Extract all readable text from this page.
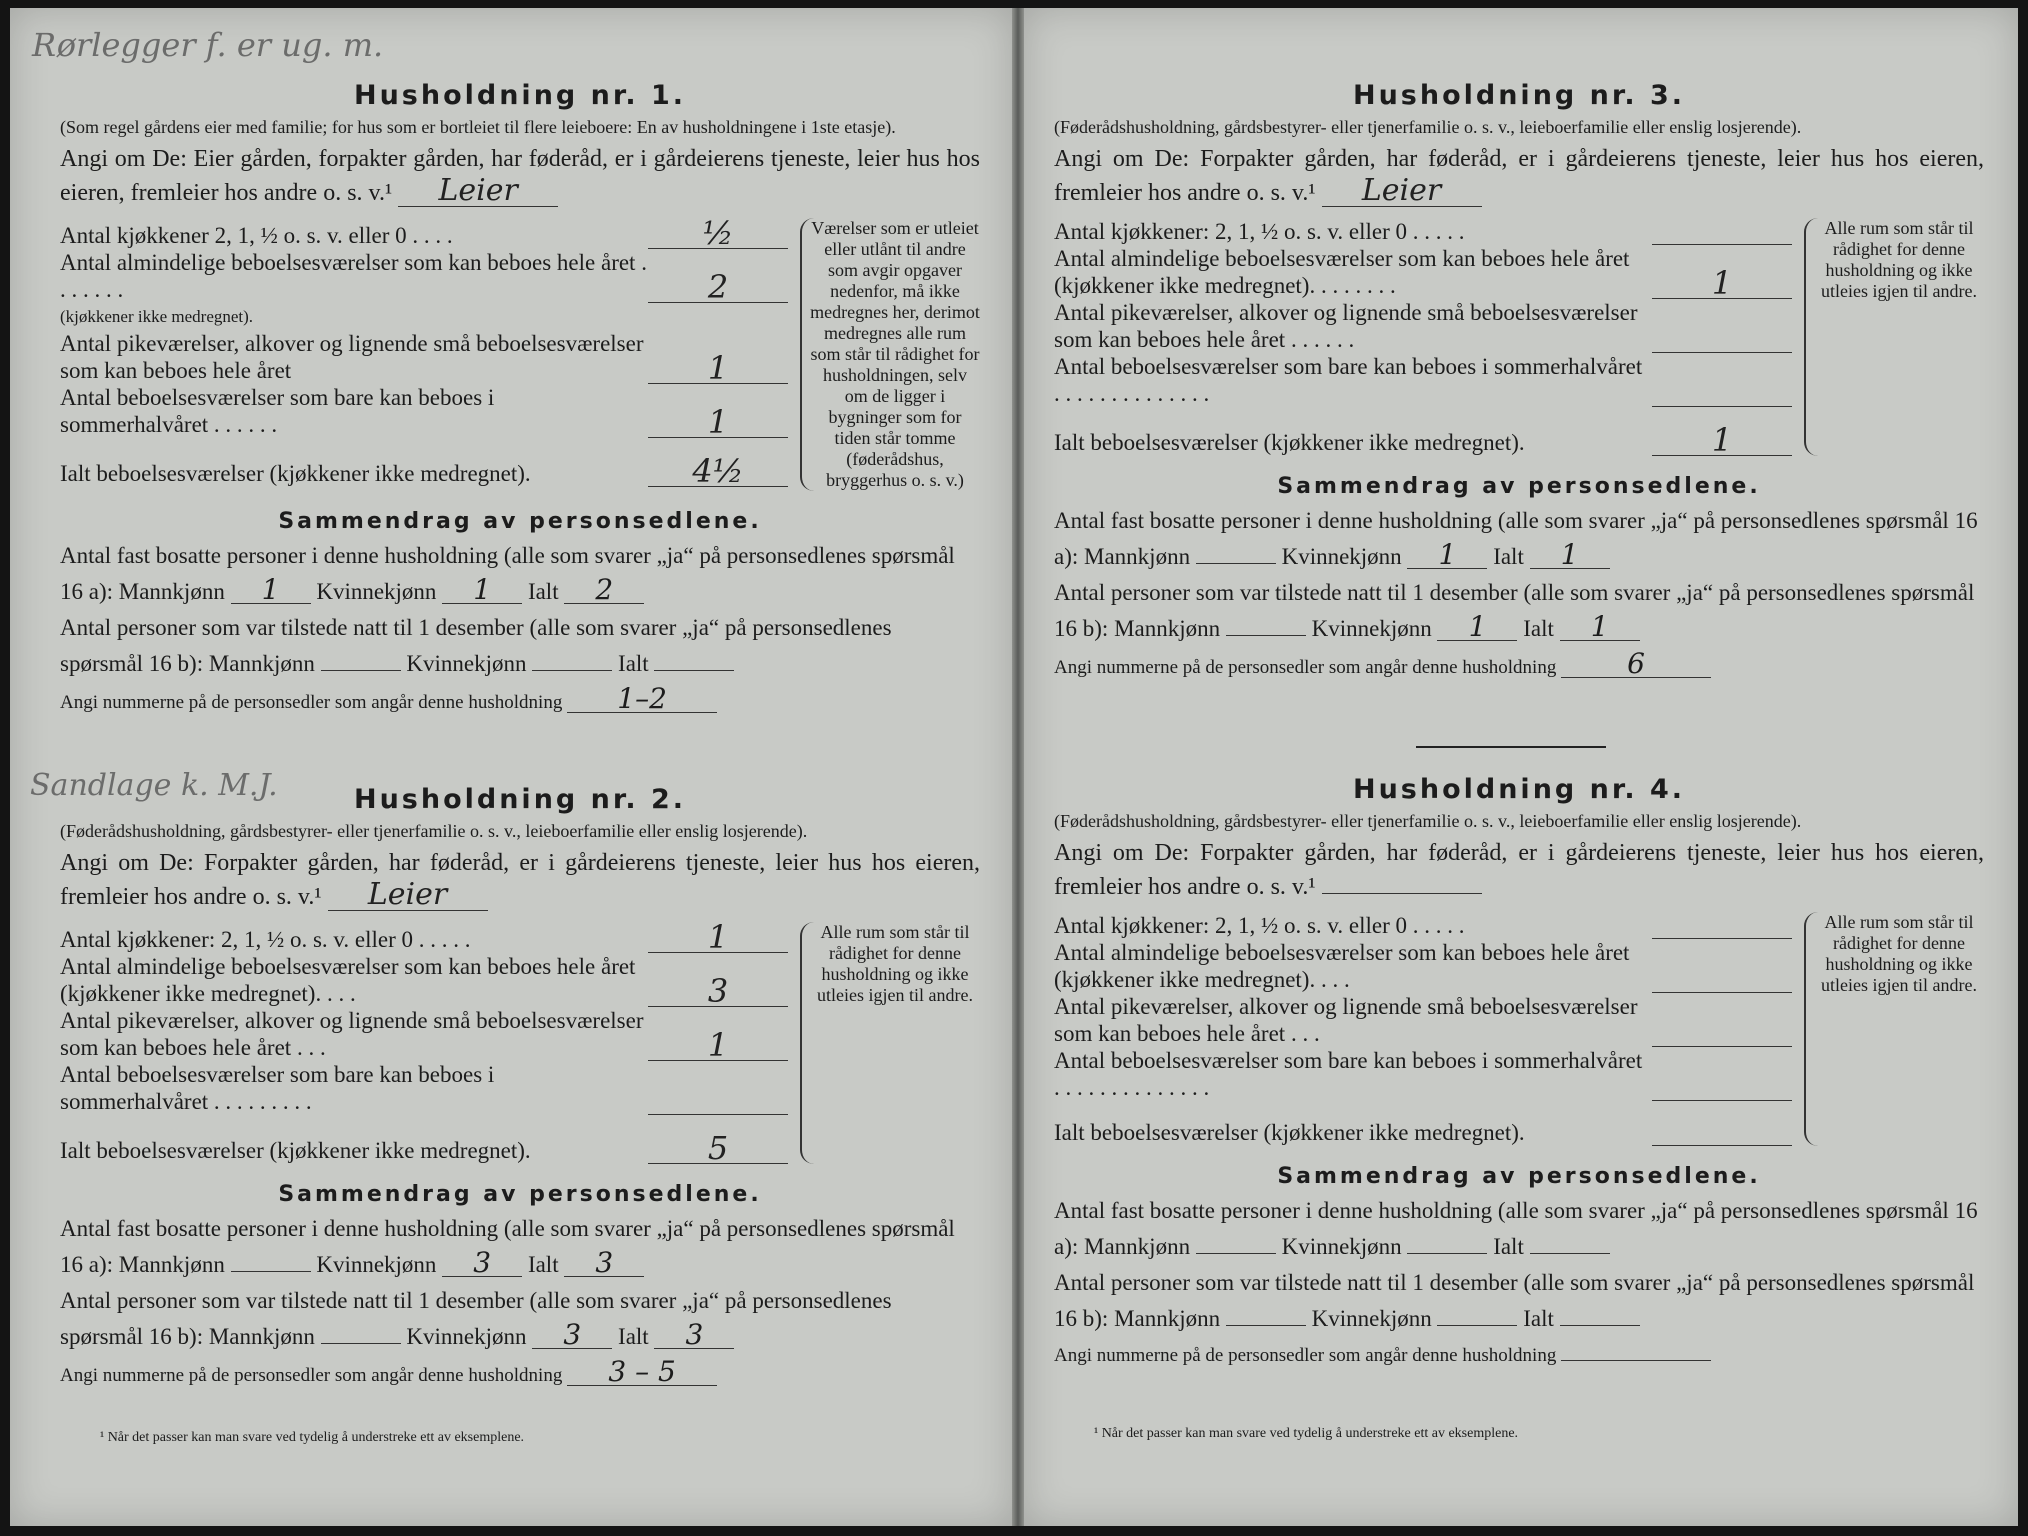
Rørlegger f. er ug. m.
Sandlage k. M.J.
Husholdning nr. 1.

(Som regel gårdens eier med familie; for hus som er bortleiet til flere leieboere: En av husholdningene i 1ste etasje).

Angi om De: Eier gården, forpakter gården, har føderåd, er i gårdeierens tjeneste, leier hus hos eieren, fremleier hos andre o. s. v.¹ Leier

Antal kjøkkener 2, 1, ½ o. s. v. eller 0 . . . .	½
Antal almindelige beboelsesværelser som kan beboes hele året . . . . . . .	2
(kjøkkener ikke medregnet).
Antal pikeværelser, alkover og lignende små beboelsesværelser som kan beboes hele året	1
Antal beboelsesværelser som bare kan beboes i sommerhalvåret . . . . . .	1
Ialt beboelsesværelser (kjøkkener ikke medregnet).	4½
Værelser som er utleiet eller utlånt til andre som avgir opgaver nedenfor, må ikke medregnes her, derimot medregnes alle rum som står til rådighet for husholdningen, selv om de ligger i bygninger som for tiden står tomme (føderådshus, bryggerhus o. s. v.)
Sammendrag av personsedlene.

Antal fast bosatte personer i denne husholdning (alle som svarer „ja“ på personsedlenes spørsmål 16 a): Mannkjønn 1 Kvinnekjønn 1 Ialt 2

Antal personer som var tilstede natt til 1 desember (alle som svarer „ja“ på personsedlenes spørsmål 16 b): Mannkjønn	Kvinnekjønn	Ialt

Angi nummerne på de personsedler som angår denne husholdning 1–2
Husholdning nr. 2.

(Føderådshusholdning, gårdsbestyrer- eller tjenerfamilie o. s. v., leieboerfamilie eller enslig losjerende).

Angi om De: Forpakter gården, har føderåd, er i gårdeierens tjeneste, leier hus hos eieren, fremleier hos andre o. s. v.¹ Leier

Antal kjøkkener: 2, 1, ½ o. s. v. eller 0 . . . . .	1
Antal almindelige beboelsesværelser som kan beboes hele året (kjøkkener ikke medregnet). . . .	3
Antal pikeværelser, alkover og lignende små beboelsesværelser som kan beboes hele året . . .	1
Antal beboelsesværelser som bare kan beboes i sommerhalvåret . . . . . . . . .
Ialt beboelsesværelser (kjøkkener ikke medregnet).	5
Alle rum som står til rådighet for denne husholdning og ikke utleies igjen til andre.
Sammendrag av personsedlene.

Antal fast bosatte personer i denne husholdning (alle som svarer „ja“ på personsedlenes spørsmål 16 a): Mannkjønn	Kvinnekjønn 3 Ialt 3

Antal personer som var tilstede natt til 1 desember (alle som svarer „ja“ på personsedlenes spørsmål 16 b): Mannkjønn	Kvinnekjønn 3 Ialt 3

Angi nummerne på de personsedler som angår denne husholdning 3 – 5
¹ Når det passer kan man svare ved tydelig å understreke ett av eksemplene.
Husholdning nr. 3.

(Føderådshusholdning, gårdsbestyrer- eller tjenerfamilie o. s. v., leieboerfamilie eller enslig losjerende).

Angi om De: Forpakter gården, har føderåd, er i gårdeierens tjeneste, leier hus hos eieren, fremleier hos andre o. s. v.¹ Leier

Antal kjøkkener: 2, 1, ½ o. s. v. eller 0 . . . . .
Antal almindelige beboelsesværelser som kan beboes hele året (kjøkkener ikke medregnet). . . . . . . .	1
Antal pikeværelser, alkover og lignende små beboelsesværelser som kan beboes hele året . . . . . .
Antal beboelsesværelser som bare kan beboes i sommerhalvåret . . . . . . . . . . . . . .
Ialt beboelsesværelser (kjøkkener ikke medregnet).	1
Alle rum som står til rådighet for denne husholdning og ikke utleies igjen til andre.
Sammendrag av personsedlene.

Antal fast bosatte personer i denne husholdning (alle som svarer „ja“ på personsedlenes spørsmål 16 a): Mannkjønn	Kvinnekjønn 1 Ialt 1

Antal personer som var tilstede natt til 1 desember (alle som svarer „ja“ på personsedlenes spørsmål 16 b): Mannkjønn	Kvinnekjønn 1 Ialt 1

Angi nummerne på de personsedler som angår denne husholdning	6
Husholdning nr. 4.

(Føderådshusholdning, gårdsbestyrer- eller tjenerfamilie o. s. v., leieboerfamilie eller enslig losjerende).

Angi om De: Forpakter gården, har føderåd, er i gårdeierens tjeneste, leier hus hos eieren, fremleier hos andre o. s. v.¹

Antal kjøkkener: 2, 1, ½ o. s. v. eller 0 . . . . .
Antal almindelige beboelsesværelser som kan beboes hele året (kjøkkener ikke medregnet). . . .
Antal pikeværelser, alkover og lignende små beboelsesværelser som kan beboes hele året . . .
Antal beboelsesværelser som bare kan beboes i sommerhalvåret . . . . . . . . . . . . . .
Ialt beboelsesværelser (kjøkkener ikke medregnet).
Alle rum som står til rådighet for denne husholdning og ikke utleies igjen til andre.
Sammendrag av personsedlene.

Antal fast bosatte personer i denne husholdning (alle som svarer „ja“ på personsedlenes spørsmål 16 a): Mannkjønn	Kvinnekjønn	Ialt

Antal personer som var tilstede natt til 1 desember (alle som svarer „ja“ på personsedlenes spørsmål 16 b): Mannkjønn	Kvinnekjønn	Ialt

Angi nummerne på de personsedler som angår denne husholdning
¹ Når det passer kan man svare ved tydelig å understreke ett av eksemplene.
